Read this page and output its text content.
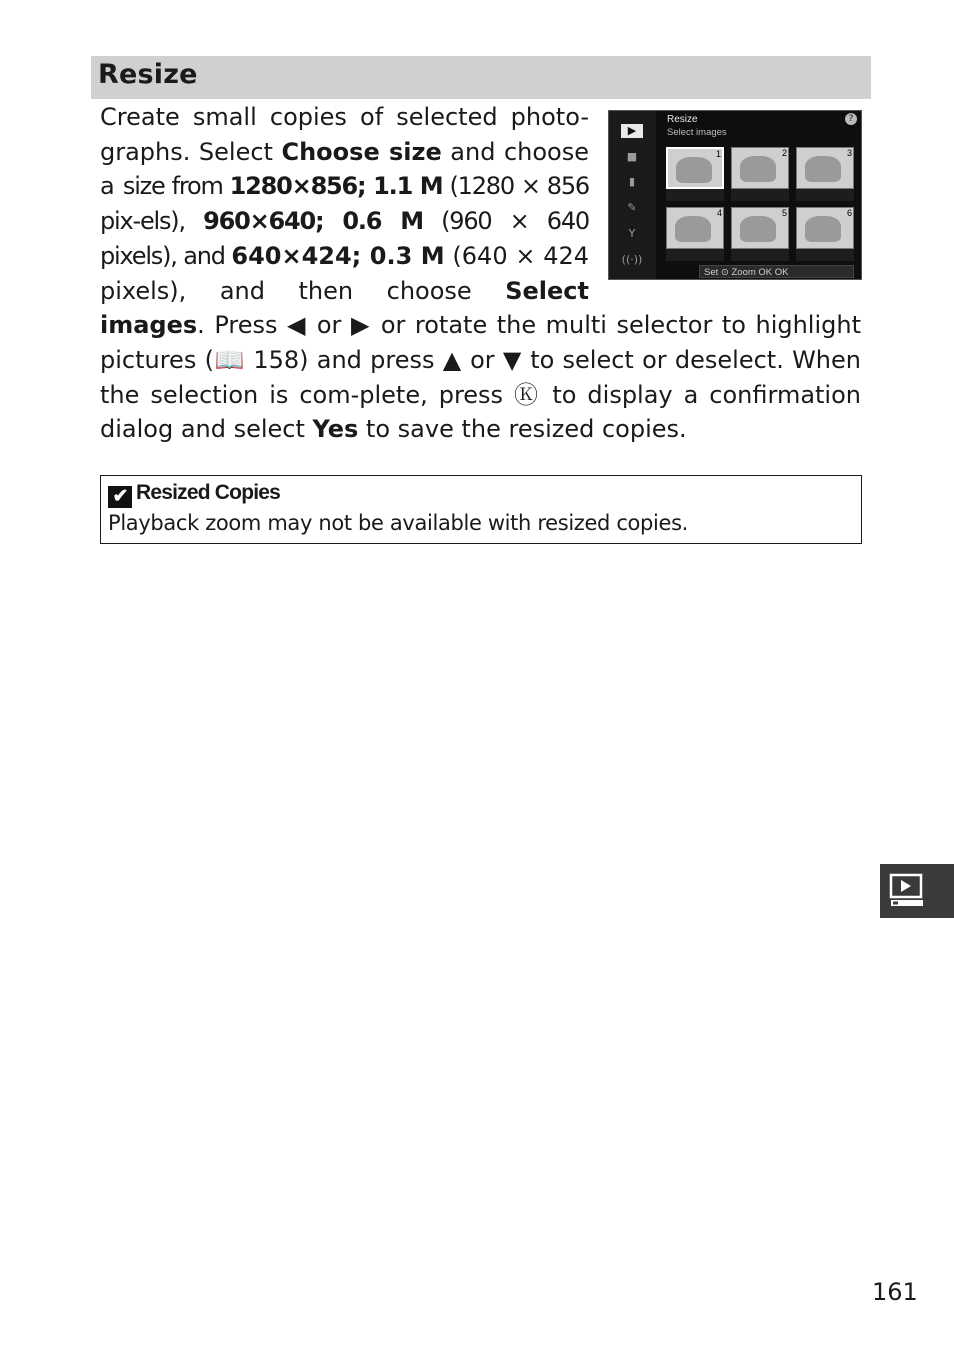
Resize
▶
■
▮
✎
Y
((·))
Resize
Select images
?
1	2	3
4	5	6
Set ⊙ Zoom OK OK

Create small copies of selected photo-graphs. Select Choose size and choose a size from 1280×856; 1.1 M (1280 × 856 pix-els), 960×640; 0.6 M (960 × 640 pixels), and 640×424; 0.3 M (640 × 424 pixels), and then choose Select images. Press ◀ or ▶ or rotate the multi selector to highlight pictures (📖 158) and press ▲ or ▼ to select or deselect. When the selection is com-plete, press Ⓚ to display a confirmation dialog and select Yes to save the resized copies.

✔ Resized Copies
Playback zoom may not be available with resized copies.
161
